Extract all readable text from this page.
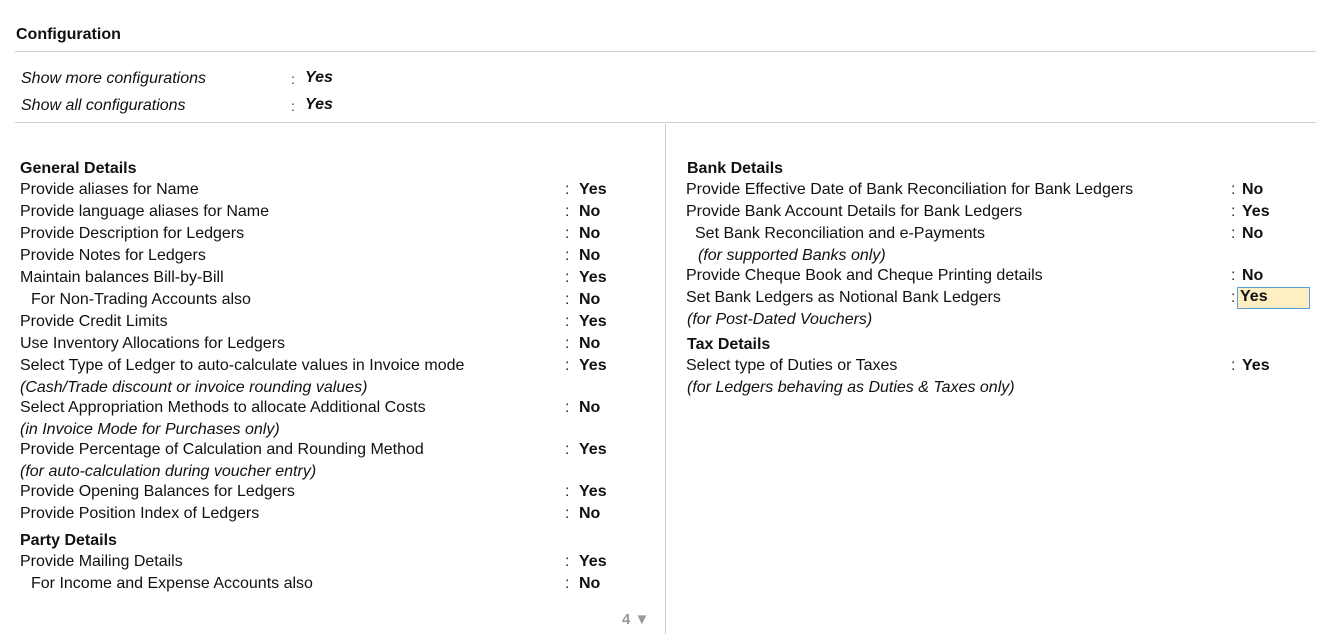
Configuration
Show more configurations	: Yes
Show all configurations	: Yes
General Details
Provide aliases for Name	: Yes
Provide language aliases for Name	: No
Provide Description for Ledgers	: No
Provide Notes for Ledgers	: No
Maintain balances Bill-by-Bill	: Yes
For Non-Trading Accounts also	: No
Provide Credit Limits	: Yes
Use Inventory Allocations for Ledgers	: No
Select Type of Ledger to auto-calculate values in Invoice mode	: Yes
(Cash/Trade discount or invoice rounding values)
Select Appropriation Methods to allocate Additional Costs	: No
(in Invoice Mode for Purchases only)
Provide Percentage of Calculation and Rounding Method	: Yes
(for auto-calculation during voucher entry)
Provide Opening Balances for Ledgers	: Yes
Provide Position Index of Ledgers	: No
Party Details
Provide Mailing Details	: Yes
For Income and Expense Accounts also	: No
4 ▼
Bank Details
Provide Effective Date of Bank Reconciliation for Bank Ledgers	: No
Provide Bank Account Details for Bank Ledgers	: Yes
Set Bank Reconciliation and e-Payments	: No
(for supported Banks only)
Provide Cheque Book and Cheque Printing details	: No
Set Bank Ledgers as Notional Bank Ledgers	: Yes
(for Post-Dated Vouchers)
Tax Details
Select type of Duties or Taxes	: Yes
(for Ledgers behaving as Duties & Taxes only)
